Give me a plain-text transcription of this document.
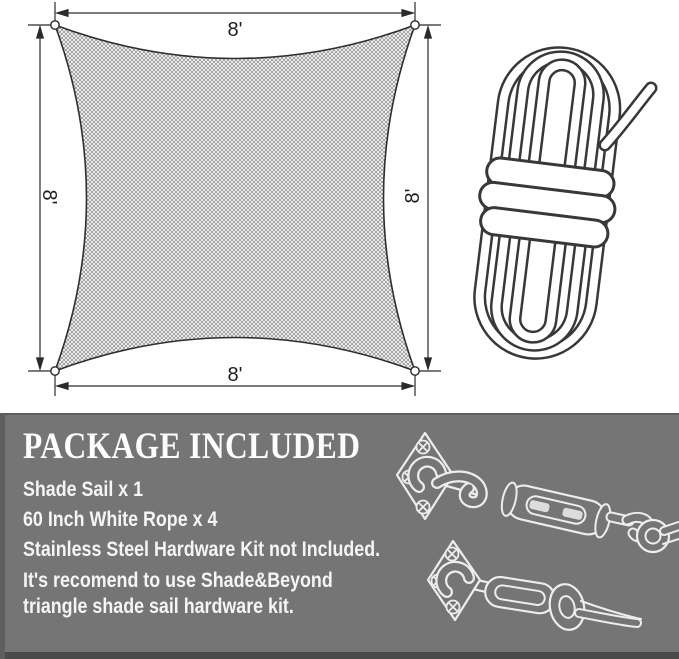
8'
8'
8'	8'
PACKAGE INCLUDED
Shade Sail x 1
60 Inch White Rope x 4
Stainless Steel Hardware Kit not Included.
It's recomend to use Shade&Beyond triangle shade sail hardware kit.
